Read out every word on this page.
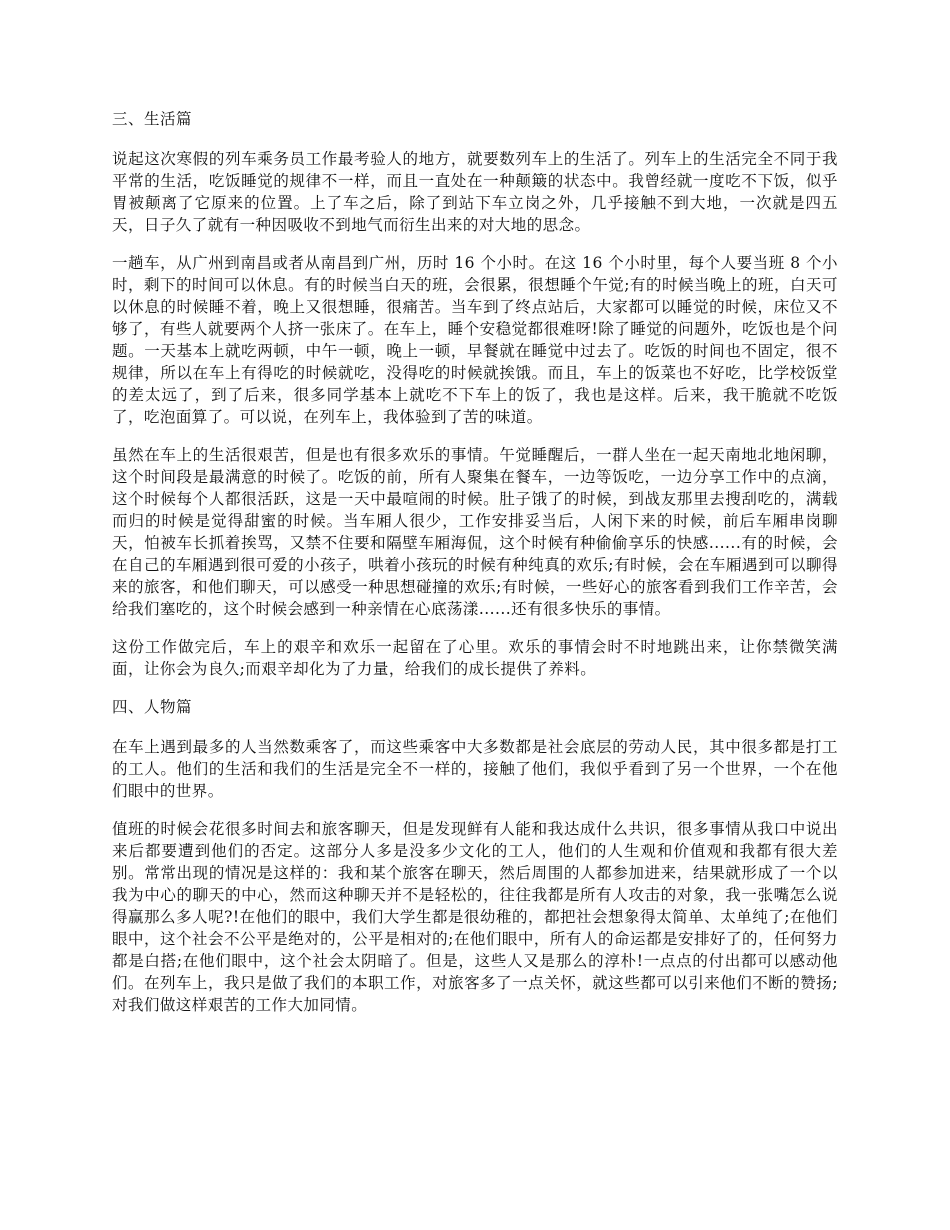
三、生活篇

说起这次寒假的列车乘务员工作最考验人的地方，就要数列车上的生活了。列车上的生活完全不同于我平常的生活，吃饭睡觉的规律不一样，而且一直处在一种颠簸的状态中。我曾经就一度吃不下饭，似乎胃被颠离了它原来的位置。上了车之后，除了到站下车立岗之外，几乎接触不到大地，一次就是四五天，日子久了就有一种因吸收不到地气而衍生出来的对大地的思念。

一趟车，从广州到南昌或者从南昌到广州，历时 16 个小时。在这 16 个小时里，每个人要当班 8 个小时，剩下的时间可以休息。有的时候当白天的班，会很累，很想睡个午觉;有的时候当晚上的班，白天可以休息的时候睡不着，晚上又很想睡，很痛苦。当车到了终点站后，大家都可以睡觉的时候，床位又不够了，有些人就要两个人挤一张床了。在车上，睡个安稳觉都很难呀!除了睡觉的问题外，吃饭也是个问题。一天基本上就吃两顿，中午一顿，晚上一顿，早餐就在睡觉中过去了。吃饭的时间也不固定，很不规律，所以在车上有得吃的时候就吃，没得吃的时候就挨饿。而且，车上的饭菜也不好吃，比学校饭堂的差太远了，到了后来，很多同学基本上就吃不下车上的饭了，我也是这样。后来，我干脆就不吃饭了，吃泡面算了。可以说，在列车上，我体验到了苦的味道。

虽然在车上的生活很艰苦，但是也有很多欢乐的事情。午觉睡醒后，一群人坐在一起天南地北地闲聊，这个时间段是最满意的时候了。吃饭的前，所有人聚集在餐车，一边等饭吃，一边分享工作中的点滴，这个时候每个人都很活跃，这是一天中最喧闹的时候。肚子饿了的时候，到战友那里去搜刮吃的，满载而归的时候是觉得甜蜜的时候。当车厢人很少，工作安排妥当后，人闲下来的时候，前后车厢串岗聊天，怕被车长抓着挨骂，又禁不住要和隔壁车厢海侃，这个时候有种偷偷享乐的快感......有的时候，会在自己的车厢遇到很可爱的小孩子，哄着小孩玩的时候有种纯真的欢乐;有时候，会在车厢遇到可以聊得来的旅客，和他们聊天，可以感受一种思想碰撞的欢乐;有时候，一些好心的旅客看到我们工作辛苦，会给我们塞吃的，这个时候会感到一种亲情在心底荡漾......还有很多快乐的事情。

这份工作做完后，车上的艰辛和欢乐一起留在了心里。欢乐的事情会时不时地跳出来，让你禁微笑满面，让你会为良久;而艰辛却化为了力量，给我们的成长提供了养料。

四、人物篇

在车上遇到最多的人当然数乘客了，而这些乘客中大多数都是社会底层的劳动人民，其中很多都是打工的工人。他们的生活和我们的生活是完全不一样的，接触了他们，我似乎看到了另一个世界，一个在他们眼中的世界。

值班的时候会花很多时间去和旅客聊天，但是发现鲜有人能和我达成什么共识，很多事情从我口中说出来后都要遭到他们的否定。这部分人多是没多少文化的工人，他们的人生观和价值观和我都有很大差别。常常出现的情况是这样的：我和某个旅客在聊天，然后周围的人都参加进来，结果就形成了一个以我为中心的聊天的中心，然而这种聊天并不是轻松的，往往我都是所有人攻击的对象，我一张嘴怎么说得赢那么多人呢?!在他们的眼中，我们大学生都是很幼稚的，都把社会想象得太简单、太单纯了;在他们眼中，这个社会不公平是绝对的，公平是相对的;在他们眼中，所有人的命运都是安排好了的，任何努力都是白搭;在他们眼中，这个社会太阴暗了。但是，这些人又是那么的淳朴!一点点的付出都可以感动他们。在列车上，我只是做了我们的本职工作，对旅客多了一点关怀，就这些都可以引来他们不断的赞扬;对我们做这样艰苦的工作大加同情。
